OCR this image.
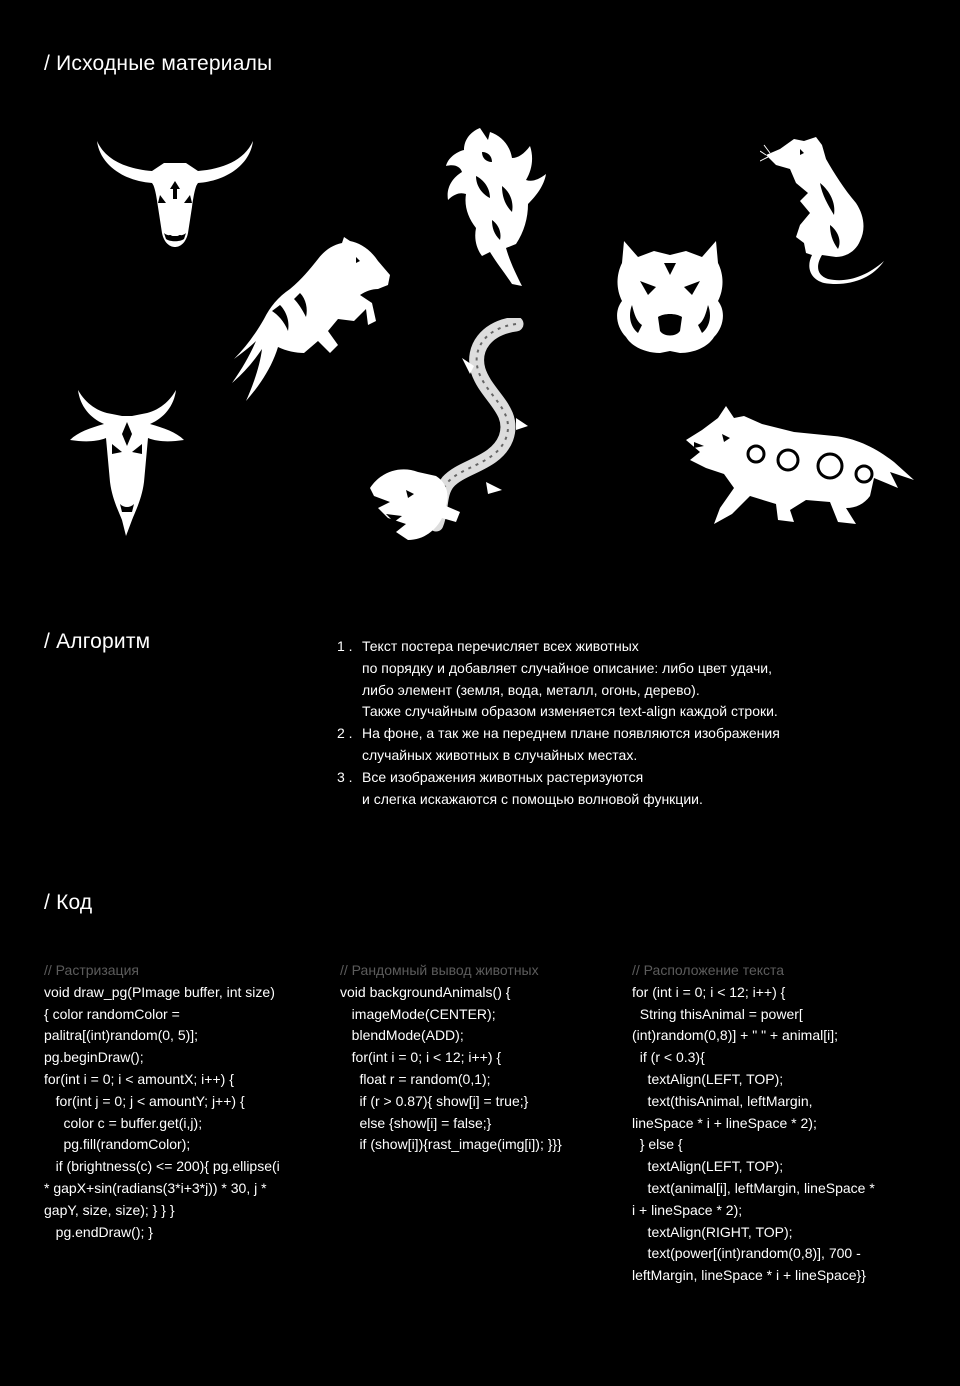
/ Исходные материалы
/ Алгоритм	1 . Текст постера перечисляет всех животных
по порядку и добавляет случайное описание: либо цвет удачи,
либо элемент (земля, вода, металл, огонь, дерево).
Также случайным образом изменяется text-align каждой строки.
2 . На фоне, а так же на переднем плане появляются изображения
случайных животных в случайных местах.
3 . Все изображения животных растеризуются
и слегка искажаются с помощью волновой функции.
/ Код
// Растризация
void draw_pg(PImage buffer, int size)
{ color randomColor =
palitra[(int)random(0, 5)];
pg.beginDraw();
for(int i = 0; i < amountX; i++) {
for(int j = 0; j < amountY; j++) {
color c = buffer.get(i,j);
pg.fill(randomColor);
if (brightness(c) <= 200){ pg.ellipse(i
* gapX+sin(radians(3*i+3*j)) * 30, j *
gapY, size, size); } } }
pg.endDraw(); }
// Рандомный вывод животных
void backgroundAnimals() {
imageMode(CENTER);
blendMode(ADD);
for(int i = 0; i < 12; i++) {
float r = random(0,1);
if (r > 0.87){ show[i] = true;}
else {show[i] = false;}
if (show[i]){rast_image(img[i]); }}}
// Расположение текста
for (int i = 0; i < 12; i++) {
String thisAnimal = power[
(int)random(0,8)] + " " + animal[i];
if (r < 0.3){
textAlign(LEFT, TOP);
text(thisAnimal, leftMargin,
lineSpace * i + lineSpace * 2);
} else {
textAlign(LEFT, TOP);
text(animal[i], leftMargin, lineSpace *
i + lineSpace * 2);
textAlign(RIGHT, TOP);
text(power[(int)random(0,8)], 700 -
leftMargin, lineSpace * i + lineSpace}}
